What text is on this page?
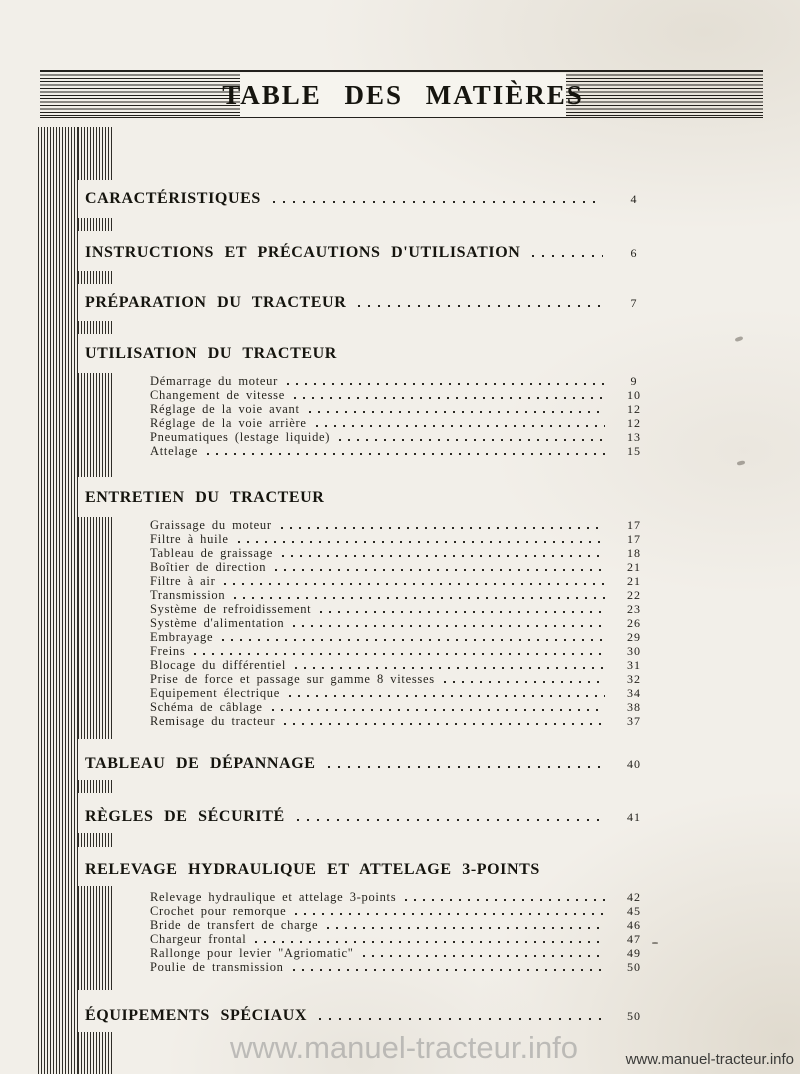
TABLE DES MATIÈRES
CARACTÉRISTIQUES	4
INSTRUCTIONS ET PRÉCAUTIONS D'UTILISATION	6
PRÉPARATION DU TRACTEUR	7
UTILISATION DU TRACTEUR
Démarrage du moteur	9
Changement de vitesse	10
Réglage de la voie avant	12
Réglage de la voie arrière	12
Pneumatiques (lestage liquide)	13
Attelage	15
ENTRETIEN DU TRACTEUR
Graissage du moteur	17
Filtre à huile	17
Tableau de graissage	18
Boîtier de direction	21
Filtre à air	21
Transmission	22
Système de refroidissement	23
Système d'alimentation	26
Embrayage	29
Freins	30
Blocage du différentiel	31
Prise de force et passage sur gamme 8 vitesses	32
Equipement électrique	34
Schéma de câblage	38
Remisage du tracteur	37
TABLEAU DE DÉPANNAGE	40
RÈGLES DE SÉCURITÉ	41
RELEVAGE HYDRAULIQUE ET ATTELAGE 3-POINTS
Relevage hydraulique et attelage 3-points	42
Crochet pour remorque	45
Bride de transfert de charge	46
Chargeur frontal	47
Rallonge pour levier "Agriomatic"	49
Poulie de transmission	50
ÉQUIPEMENTS SPÉCIAUX	50
www.manuel-tracteur.info	www.manuel-tracteur.info
